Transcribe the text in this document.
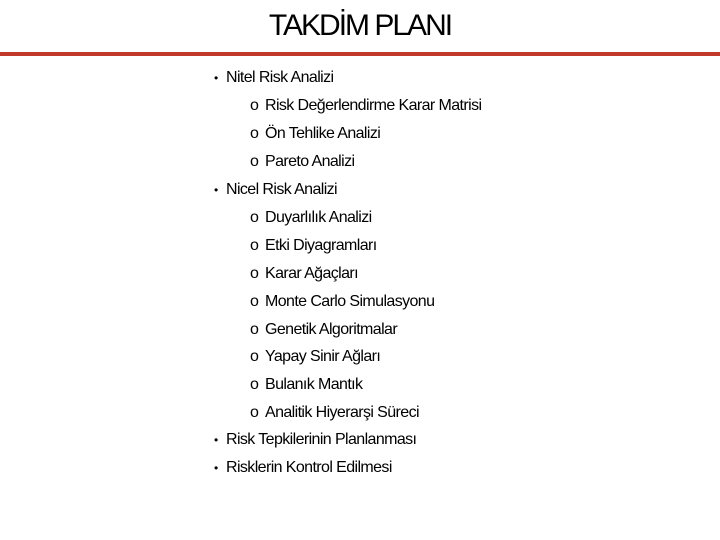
TAKDİM PLANI
• Nitel Risk Analizi
o Risk Değerlendirme Karar Matrisi
o Ön Tehlike Analizi
o Pareto Analizi
• Nicel Risk Analizi
o Duyarlılık Analizi
o Etki Diyagramları
o Karar Ağaçları
o Monte Carlo Simulasyonu
o Genetik Algoritmalar
o Yapay Sinir Ağları
o Bulanık Mantık
o Analitik Hiyerarşi Süreci
• Risk Tepkilerinin Planlanması
• Risklerin Kontrol Edilmesi
